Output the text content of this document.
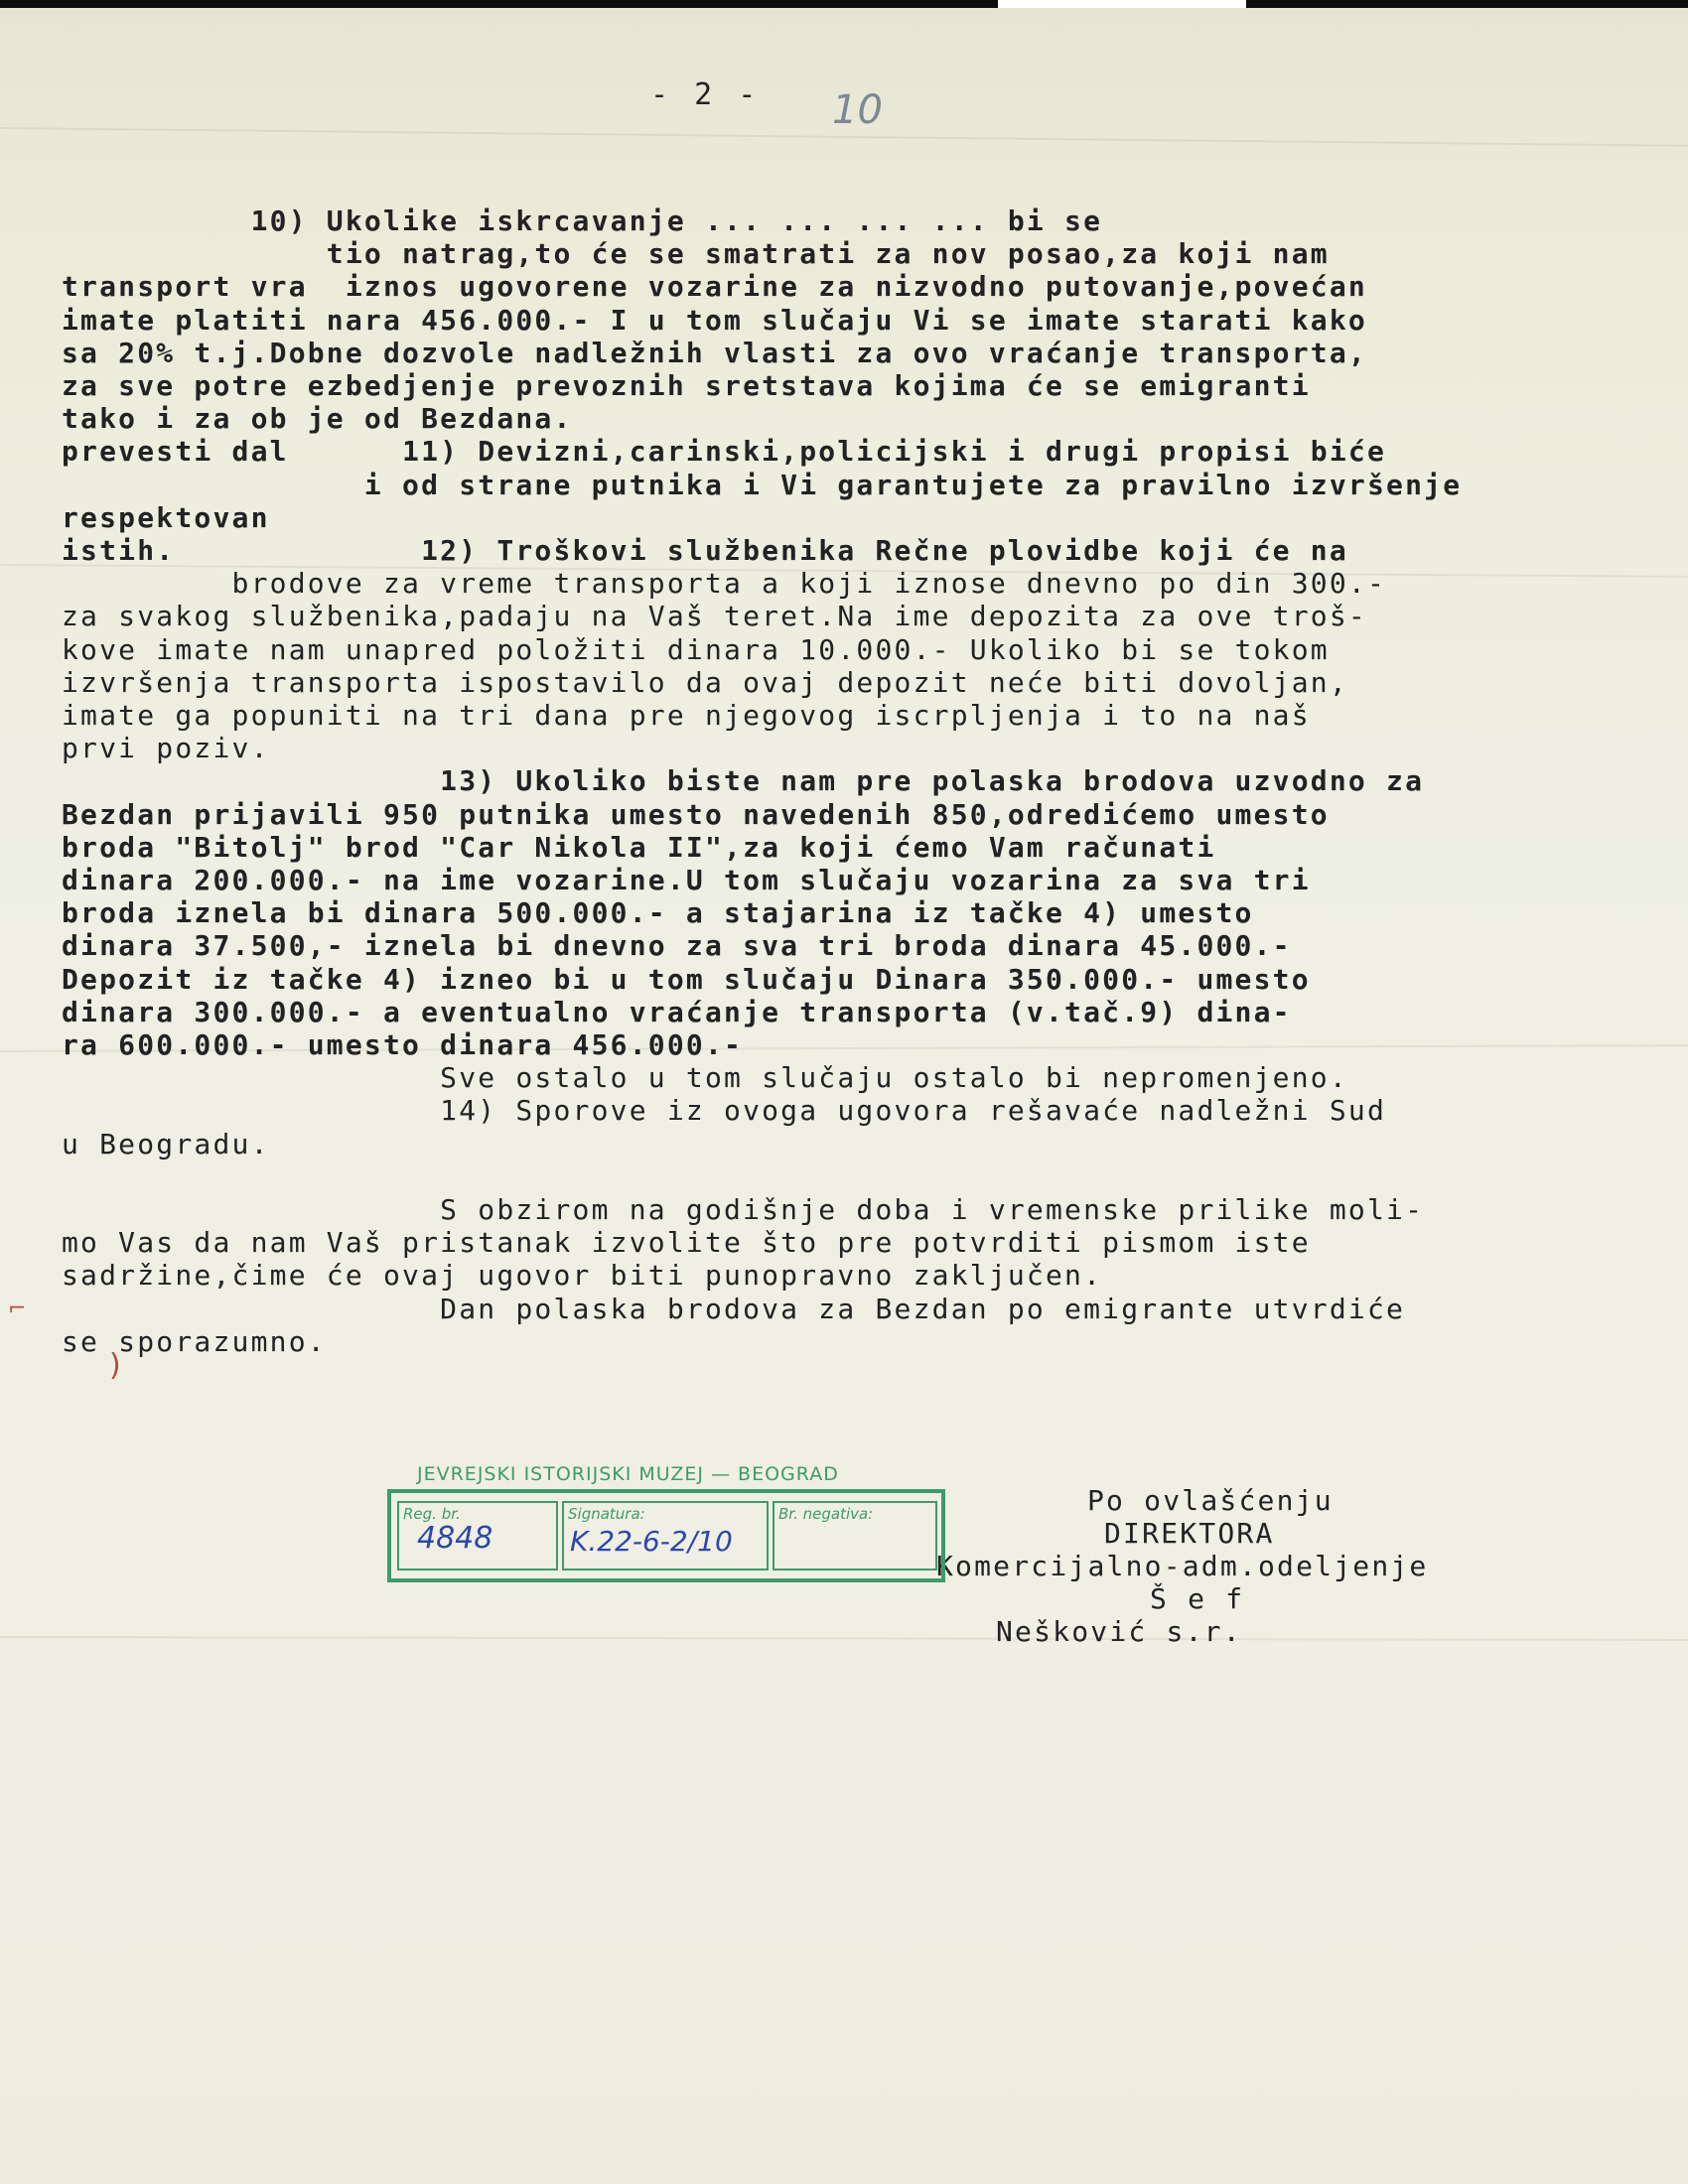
- 2 - 10

10) Ukolike iskrcavanje ... ... ... ... bi se

tio natrag,to će se smatrati za nov posao,za koji nam

transport vra  iznos ugovorene vozarine za nizvodno putovanje,povećan

imate platiti nara 456.000.- I u tom slučaju Vi se imate starati kako

sa 20% t.j.Dobne dozvole nadležnih vlasti za ovo vraćanje transporta,

za sve potre ezbedjenje prevoznih sretstava kojima će se emigranti

tako i za ob je od Bezdana.

prevesti dal      11) Devizni,carinski,policijski i drugi propisi biće

i od strane putnika i Vi garantujete za pravilno izvršenje

respektovan

istih.             12) Troškovi službenika Rečne plovidbe koji će na

brodove za vreme transporta a koji iznose dnevno po din 300.-

za svakog službenika,padaju na Vaš teret.Na ime depozita za ove troš-

kove imate nam unapred položiti dinara 10.000.- Ukoliko bi se tokom

izvršenja transporta ispostavilo da ovaj depozit neće biti dovoljan,

imate ga popuniti na tri dana pre njegovog iscrpljenja i to na naš

prvi poziv.

13) Ukoliko biste nam pre polaska brodova uzvodno za

Bezdan prijavili 950 putnika umesto navedenih 850,odredićemo umesto

broda "Bitolj" brod "Car Nikola II",za koji ćemo Vam računati

dinara 200.000.- na ime vozarine.U tom slučaju vozarina za sva tri

broda iznela bi dinara 500.000.- a stajarina iz tačke 4) umesto

dinara 37.500,- iznela bi dnevno za sva tri broda dinara 45.000.-

Depozit iz tačke 4) izneo bi u tom slučaju Dinara 350.000.- umesto

dinara 300.000.- a eventualno vraćanje transporta (v.tač.9) dina-

ra 600.000.- umesto dinara 456.000.-

Sve ostalo u tom slučaju ostalo bi nepromenjeno.

14) Sporove iz ovoga ugovora rešavaće nadležni Sud

u Beogradu.

S obzirom na godišnje doba i vremenske prilike moli-

mo Vas da nam Vaš pristanak izvolite što pre potvrditi pismom iste

sadržine,čime će ovaj ugovor biti punopravno zaključen.

Dan polaska brodova za Bezdan po emigrante utvrdiće

se sporazumno.

⌐
)

Po ovlašćenju

DIREKTORA

Komercijalno-adm.odeljenje

Š e f

Nešković s.r.

JEVREJSKI ISTORIJSKI MUZEJ — BEOGRAD
Reg. br.
4848
Signatura:
K.22-6-2/10
Br. negativa:
